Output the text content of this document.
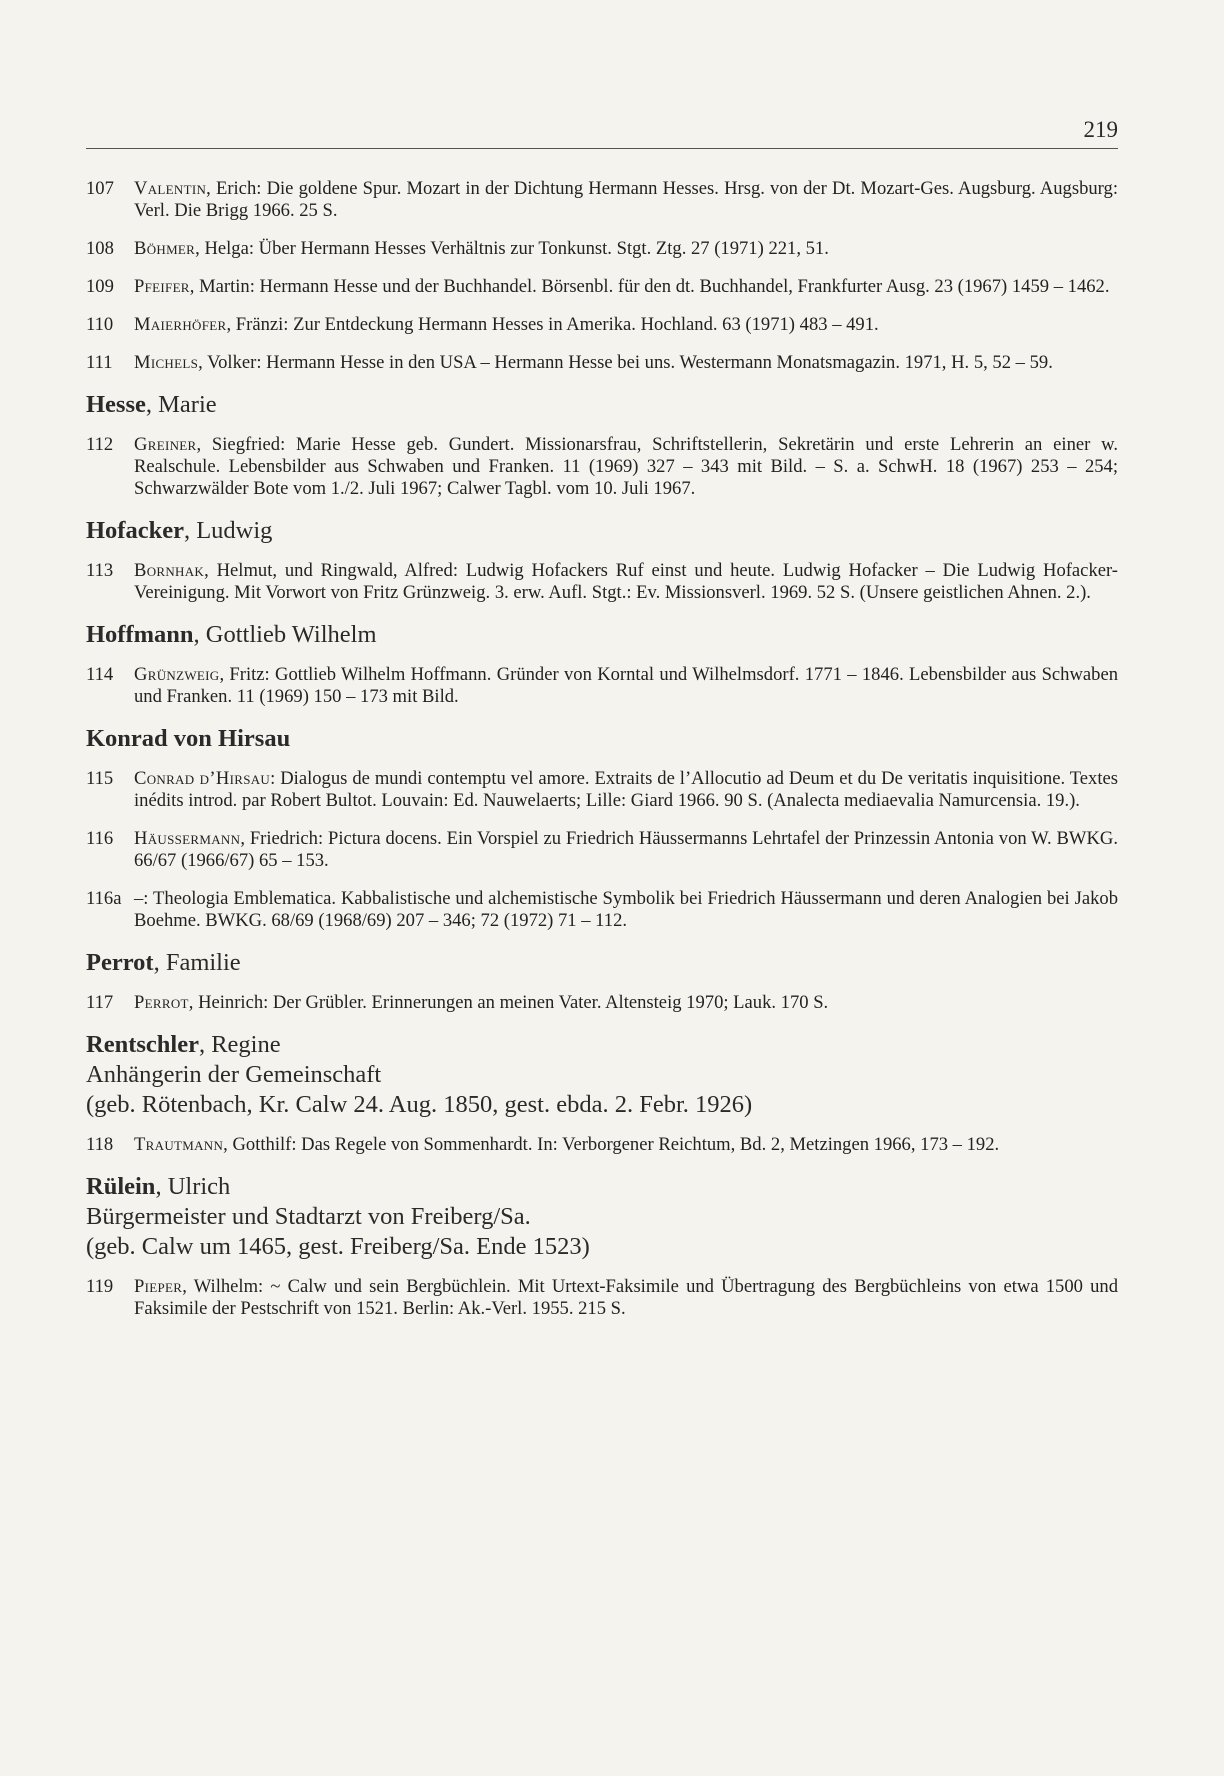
219
107	Valentin, Erich: Die goldene Spur. Mozart in der Dichtung Hermann Hesses. Hrsg. von der Dt. Mozart-Ges. Augsburg. Augsburg: Verl. Die Brigg 1966. 25 S.
108	Böhmer, Helga: Über Hermann Hesses Verhältnis zur Tonkunst. Stgt. Ztg. 27 (1971) 221, 51.
109	Pfeifer, Martin: Hermann Hesse und der Buchhandel. Börsenbl. für den dt. Buchhandel, Frankfurter Ausg. 23 (1967) 1459 – 1462.
110	Maierhöfer, Fränzi: Zur Entdeckung Hermann Hesses in Amerika. Hochland. 63 (1971) 483 – 491.
111	Michels, Volker: Hermann Hesse in den USA – Hermann Hesse bei uns. Westermann Monatsmagazin. 1971, H. 5, 52 – 59.
Hesse, Marie
112	Greiner, Siegfried: Marie Hesse geb. Gundert. Missionarsfrau, Schriftstellerin, Sekretärin und erste Lehrerin an einer w. Realschule. Lebensbilder aus Schwaben und Franken. 11 (1969) 327 – 343 mit Bild. – S. a. SchwH. 18 (1967) 253 – 254; Schwarzwälder Bote vom 1./2. Juli 1967; Calwer Tagbl. vom 10. Juli 1967.
Hofacker, Ludwig
113	Bornhak, Helmut, und Ringwald, Alfred: Ludwig Hofackers Ruf einst und heute. Ludwig Hofacker – Die Ludwig Hofacker-Vereinigung. Mit Vorwort von Fritz Grünzweig. 3. erw. Aufl. Stgt.: Ev. Missionsverl. 1969. 52 S. (Unsere geistlichen Ahnen. 2.).
Hoffmann, Gottlieb Wilhelm
114	Grünzweig, Fritz: Gottlieb Wilhelm Hoffmann. Gründer von Korntal und Wilhelmsdorf. 1771 – 1846. Lebensbilder aus Schwaben und Franken. 11 (1969) 150 – 173 mit Bild.
Konrad von Hirsau
115	Conrad d’Hirsau: Dialogus de mundi contemptu vel amore. Extraits de l’Allocutio ad Deum et du De veritatis inquisitione. Textes inédits introd. par Robert Bultot. Louvain: Ed. Nauwelaerts; Lille: Giard 1966. 90 S. (Analecta mediaevalia Namurcensia. 19.).
116	Häussermann, Friedrich: Pictura docens. Ein Vorspiel zu Friedrich Häussermanns Lehrtafel der Prinzessin Antonia von W. BWKG. 66/67 (1966/67) 65 – 153.
116a –: Theologia Emblematica. Kabbalistische und alchemistische Symbolik bei Friedrich Häussermann und deren Analogien bei Jakob Boehme. BWKG. 68/69 (1968/69) 207 – 346; 72 (1972) 71 – 112.
Perrot, Familie
117	Perrot, Heinrich: Der Grübler. Erinnerungen an meinen Vater. Altensteig 1970; Lauk. 170 S.
Rentschler, Regine
Anhängerin der Gemeinschaft
(geb. Rötenbach, Kr. Calw 24. Aug. 1850, gest. ebda. 2. Febr. 1926)
118	Trautmann, Gotthilf: Das Regele von Sommenhardt. In: Verborgener Reichtum, Bd. 2, Metzingen 1966, 173 – 192.
Rülein, Ulrich
Bürgermeister und Stadtarzt von Freiberg/Sa.
(geb. Calw um 1465, gest. Freiberg/Sa. Ende 1523)
119	Pieper, Wilhelm: ~ Calw und sein Bergbüchlein. Mit Urtext-Faksimile und Übertragung des Bergbüchleins von etwa 1500 und Faksimile der Pestschrift von 1521. Berlin: Ak.-Verl. 1955. 215 S.
